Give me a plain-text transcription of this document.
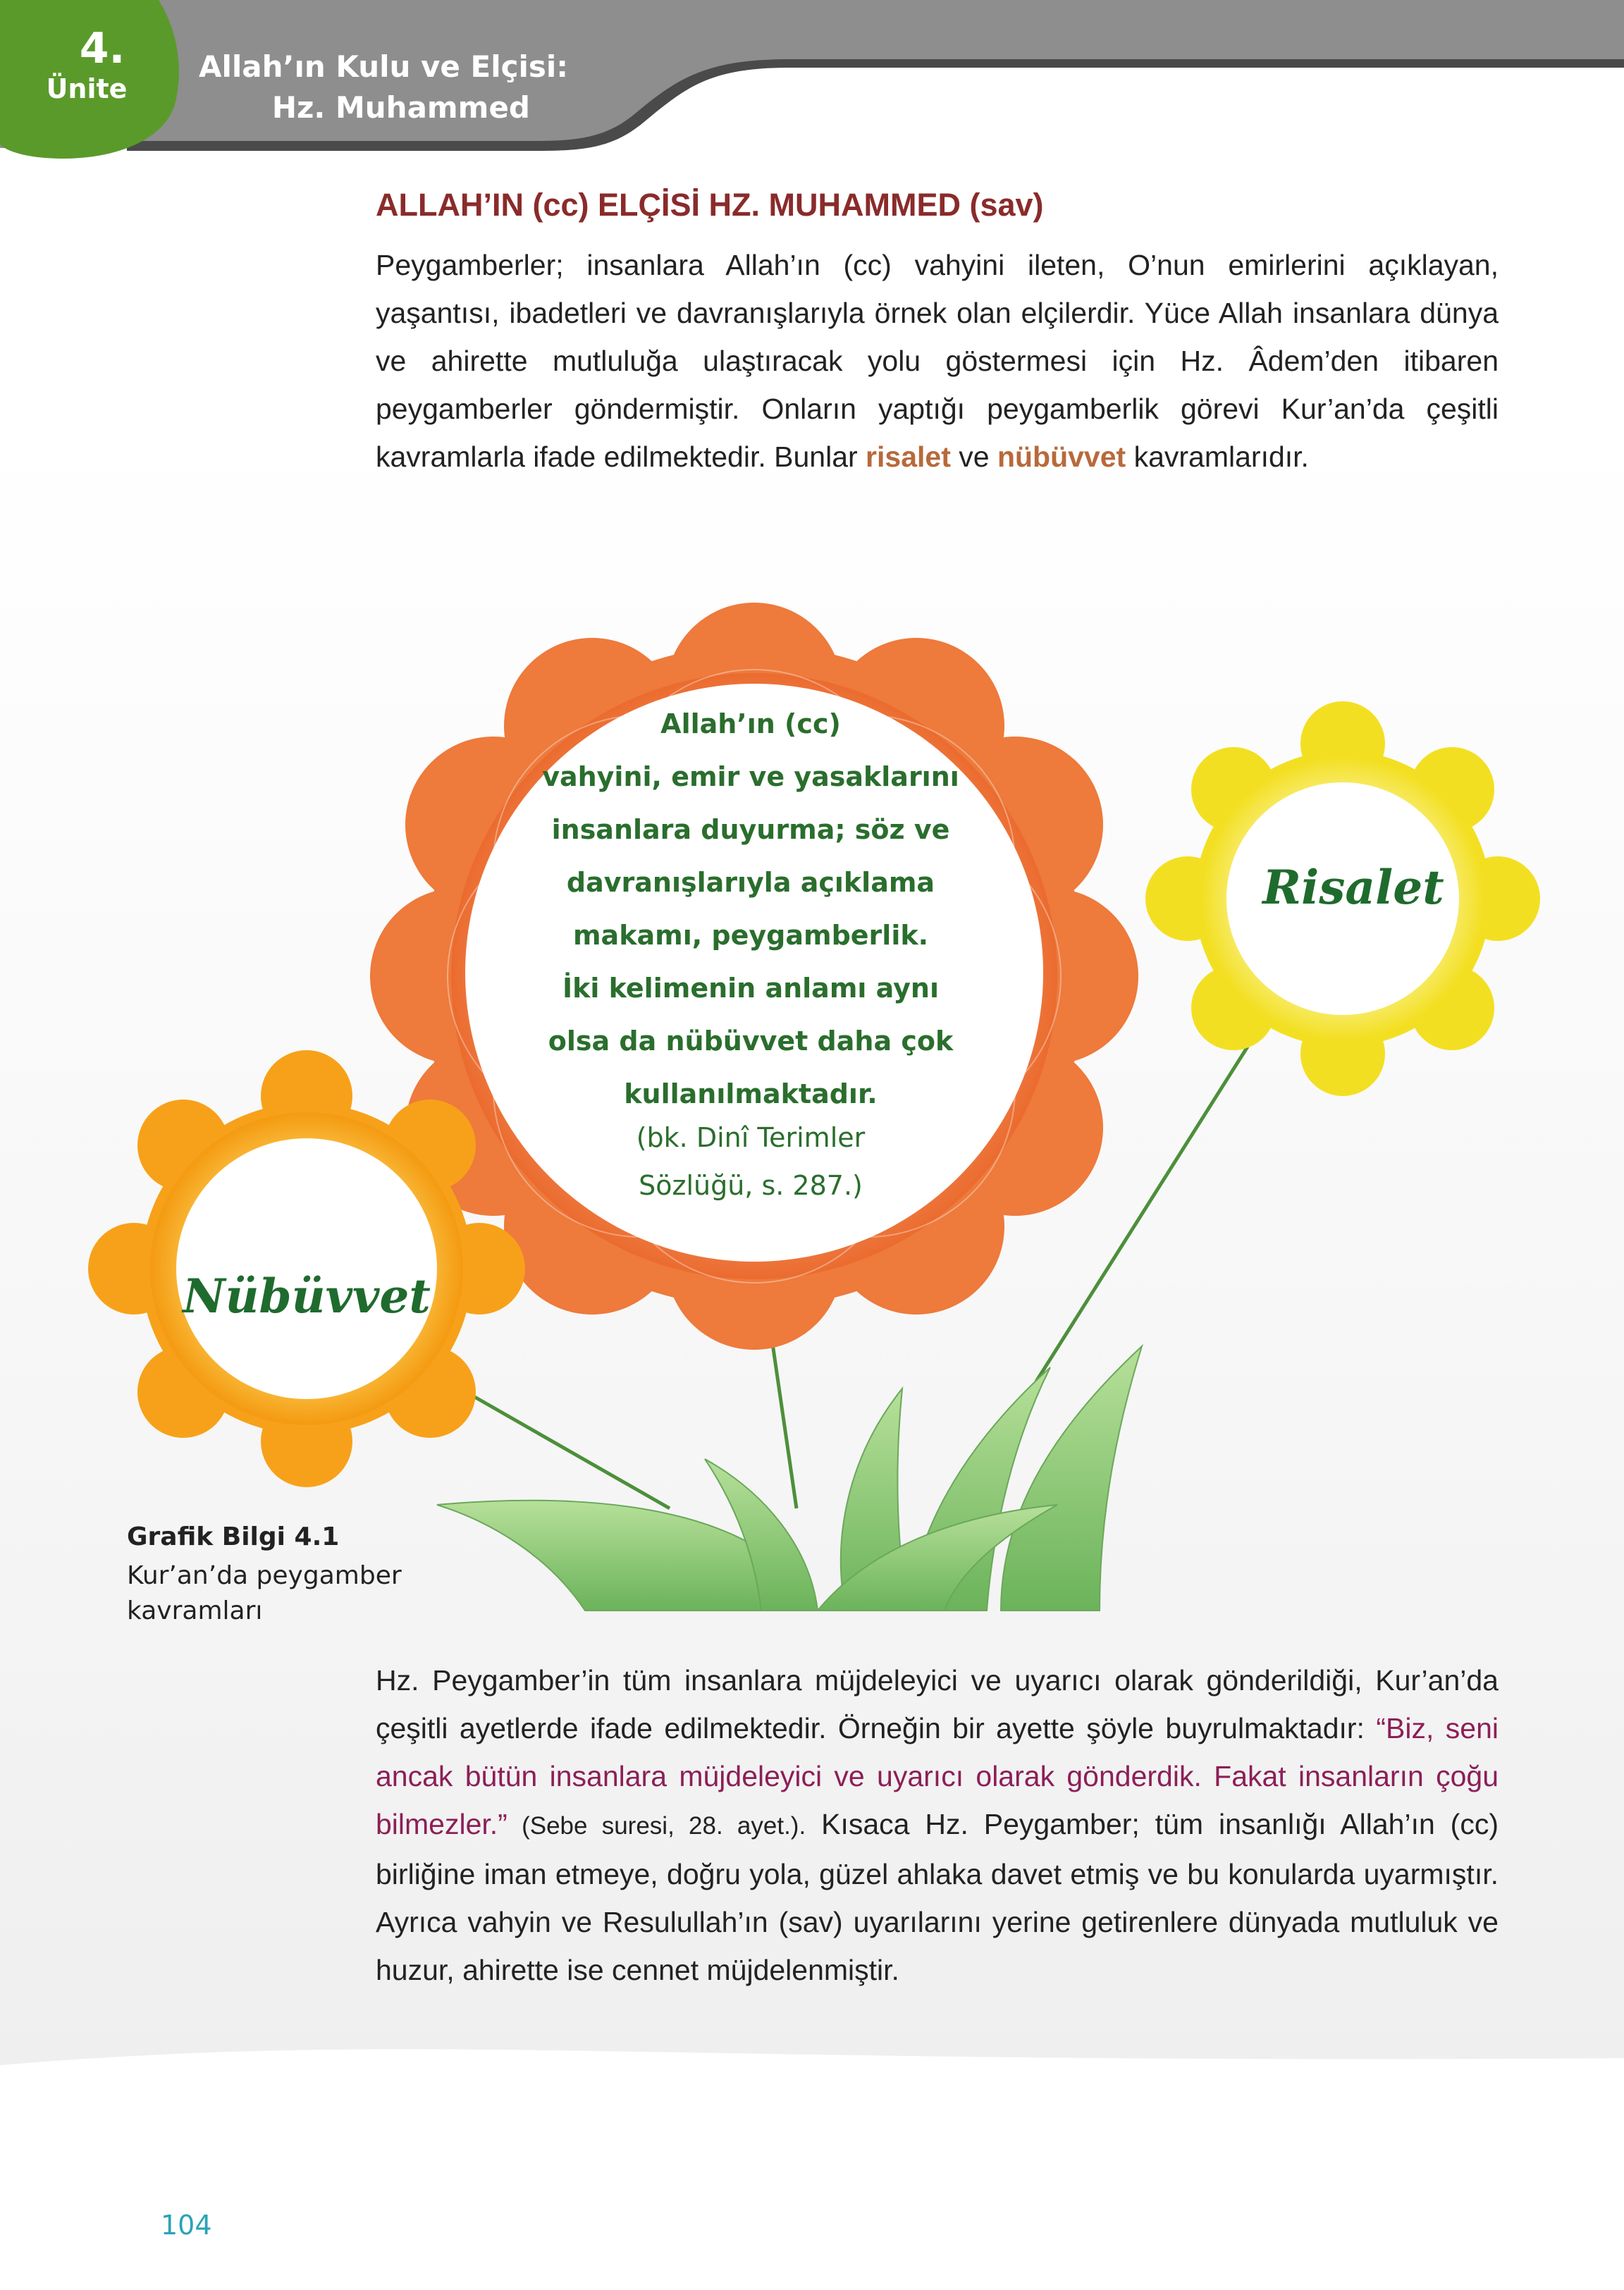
4.
Ünite
Allah’ın Kulu ve Elçisi:
Hz. Muhammed
ALLAH’IN (cc) ELÇİSİ HZ. MUHAMMED (sav)
Peygamberler; insanlara Allah’ın (cc) vahyini ileten, O’nun emirlerini açıklayan, yaşantısı, ibadetleri ve davranışlarıyla örnek olan elçilerdir. Yüce Allah insanlara dünya ve ahirette mutluluğa ulaştıracak yolu göstermesi için Hz. Âdem’den itibaren peygamberler göndermiştir. Onların yaptığı peygamberlik görevi Kur’an’da çeşitli kavramlarla ifade edilmektedir. Bunlar risalet ve nübüvvet kavramlarıdır.
Allah’ın (cc)
vahyini, emir ve yasaklarını
insanlara duyurma; söz ve
davranışlarıyla açıklama
makamı, peygamberlik.
İki kelimenin anlamı aynı
olsa da nübüvvet daha çok
kullanılmaktadır.
(bk. Dinî Terimler
Sözlüğü, s. 287.)
Risalet
Nübüvvet
Grafik Bilgi 4.1
Kur’an’da peygamber
kavramları
Hz. Peygamber’in tüm insanlara müjdeleyici ve uyarıcı olarak gönderildiği, Kur’an’da çeşitli ayetlerde ifade edilmektedir. Örneğin bir ayette şöyle buyrulmaktadır: “Biz, seni ancak bütün insanlara müjdeleyici ve uyarıcı olarak gönderdik. Fakat insanların çoğu bilmezler.” (Sebe suresi, 28. ayet.). Kısaca Hz. Peygamber; tüm insanlığı Allah’ın (cc) birliğine iman etmeye, doğru yola, güzel ahlaka davet etmiş ve bu konularda uyarmıştır. Ayrıca vahyin ve Resulullah’ın (sav) uyarılarını yerine getirenlere dünyada mutluluk ve huzur, ahirette ise cennet müjdelenmiştir.
104
